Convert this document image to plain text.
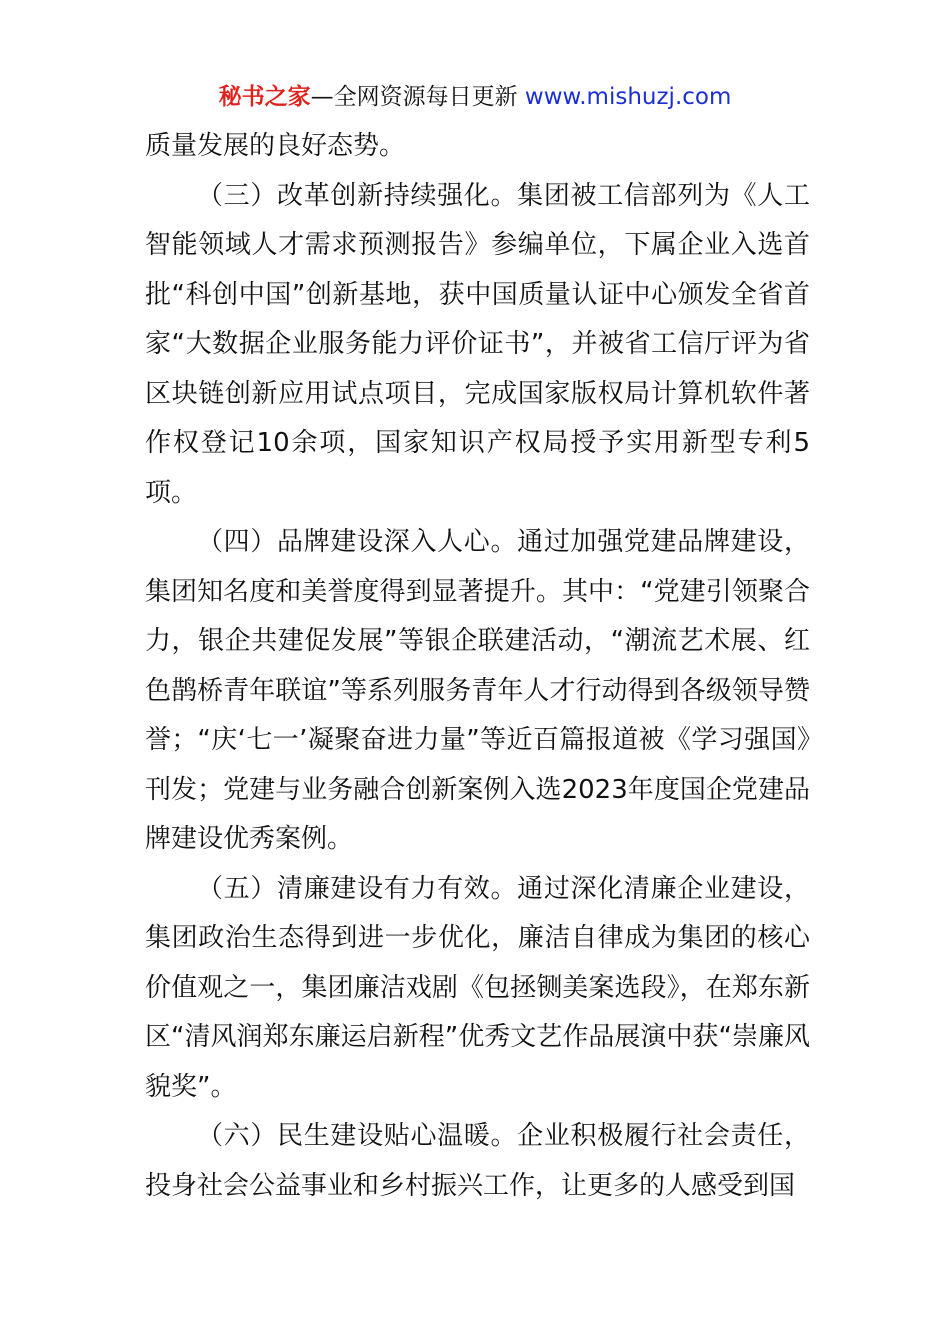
秘书之家—全网资源每日更新 www.mishuzj.com

质量发展的良好态势。

（三）改革创新持续强化。集团被工信部列为《人工智能领域人才需求预测报告》参编单位，下属企业入选首批“科创中国”创新基地，获中国质量认证中心颁发全省首家“大数据企业服务能力评价证书”，并被省工信厅评为省区块链创新应用试点项目，完成国家版权局计算机软件著作权登记10余项，国家知识产权局授予实用新型专利5项。

（四）品牌建设深入人心。通过加强党建品牌建设，集团知名度和美誉度得到显著提升。其中：“党建引领聚合力，银企共建促发展”等银企联建活动，“潮流艺术展、红色鹊桥青年联谊”等系列服务青年人才行动得到各级领导赞誉；“庆‘七一’凝聚奋进力量”等近百篇报道被《学习强国》刊发；党建与业务融合创新案例入选2023年度国企党建品牌建设优秀案例。

（五）清廉建设有力有效。通过深化清廉企业建设，集团政治生态得到进一步优化，廉洁自律成为集团的核心价值观之一，集团廉洁戏剧《包拯铡美案选段》，在郑东新区“清风润郑东廉运启新程”优秀文艺作品展演中获“崇廉风貌奖”。

（六）民生建设贴心温暖。企业积极履行社会责任，投身社会公益事业和乡村振兴工作，让更多的人感受到国
